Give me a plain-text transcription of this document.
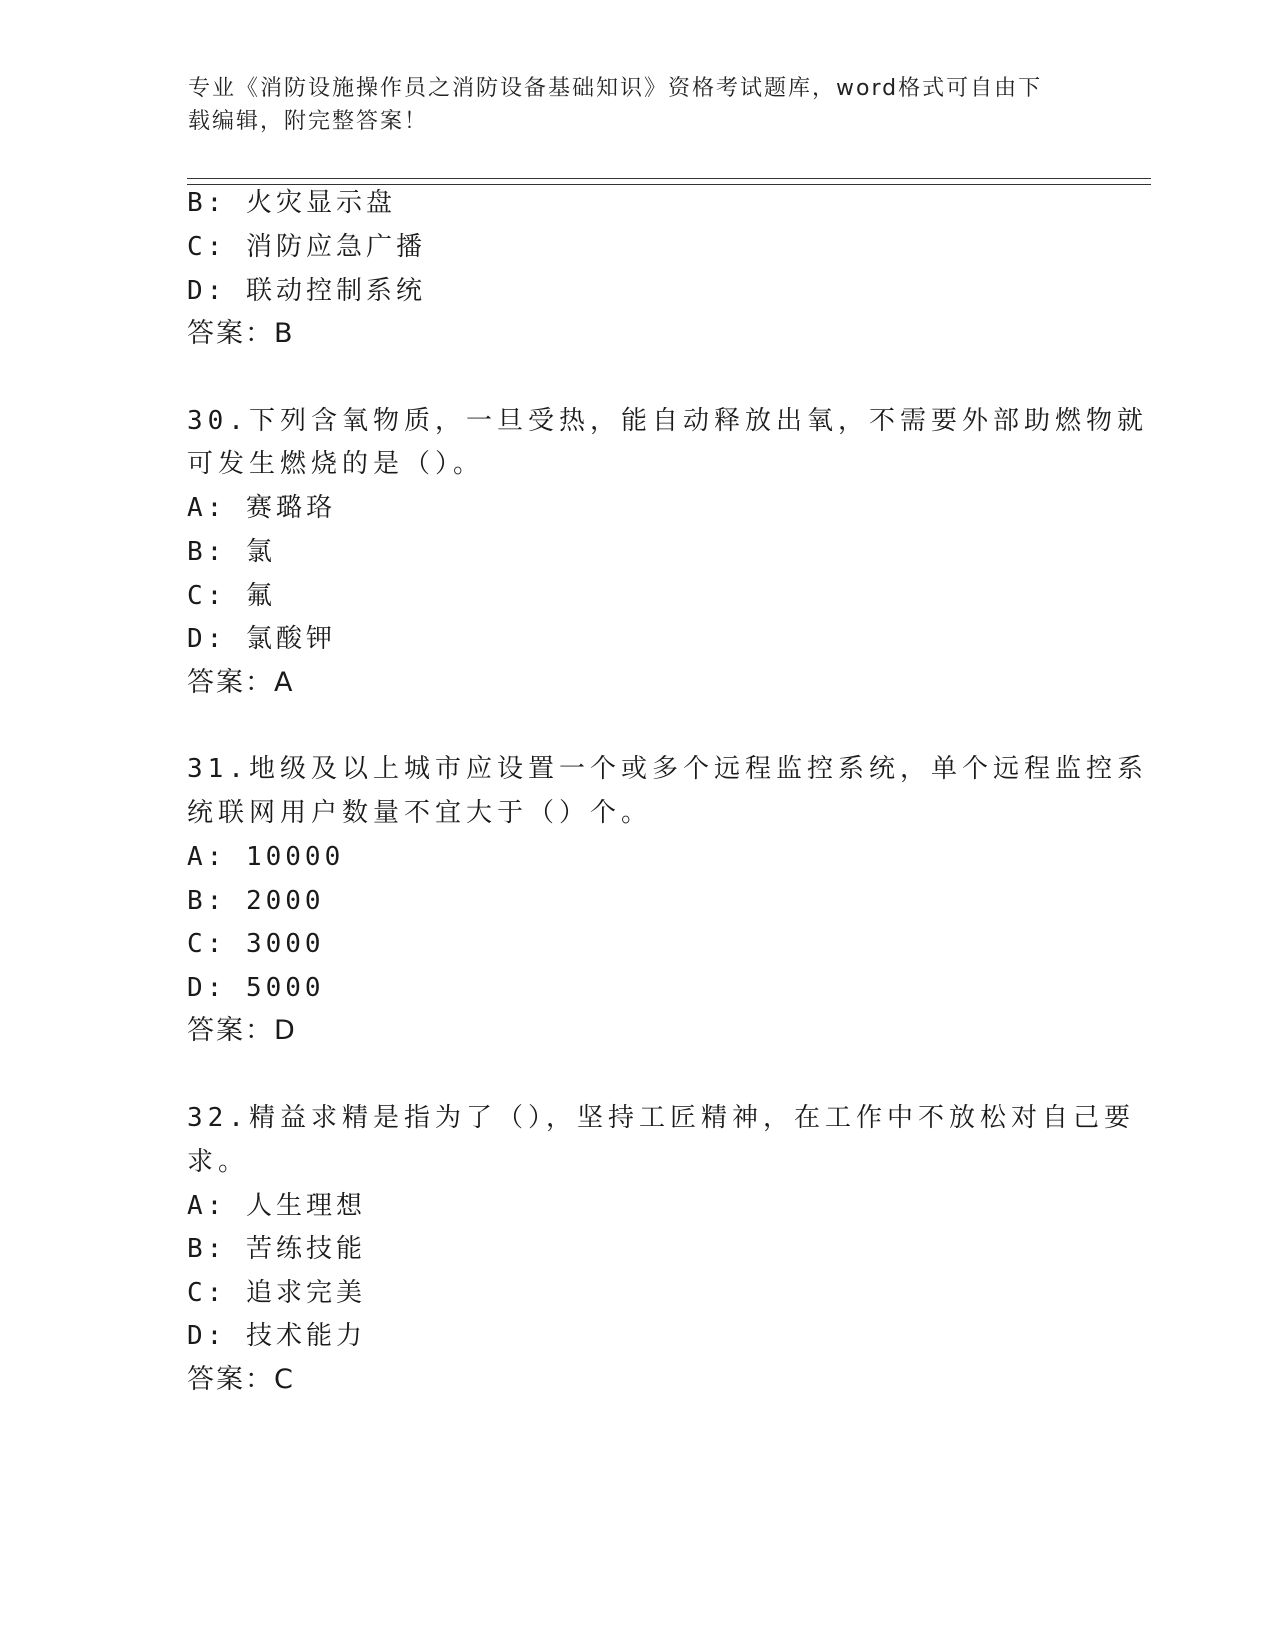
专业《消防设施操作员之消防设备基础知识》资格考试题库，word格式可自由下
载编辑，附完整答案！
B: 火灾显示盘
C: 消防应急广播
D: 联动控制系统
答案：B
30.下列含氧物质，一旦受热，能自动释放出氧，不需要外部助燃物就
可发生燃烧的是（）。
A: 赛璐珞
B: 氯
C: 氟
D: 氯酸钾
答案：A
31.地级及以上城市应设置一个或多个远程监控系统，单个远程监控系
统联网用户数量不宜大于（）个。
A: 10000
B: 2000
C: 3000
D: 5000
答案：D
32.精益求精是指为了（），坚持工匠精神，在工作中不放松对自己要
求。
A: 人生理想
B: 苦练技能
C: 追求完美
D: 技术能力
答案：C
